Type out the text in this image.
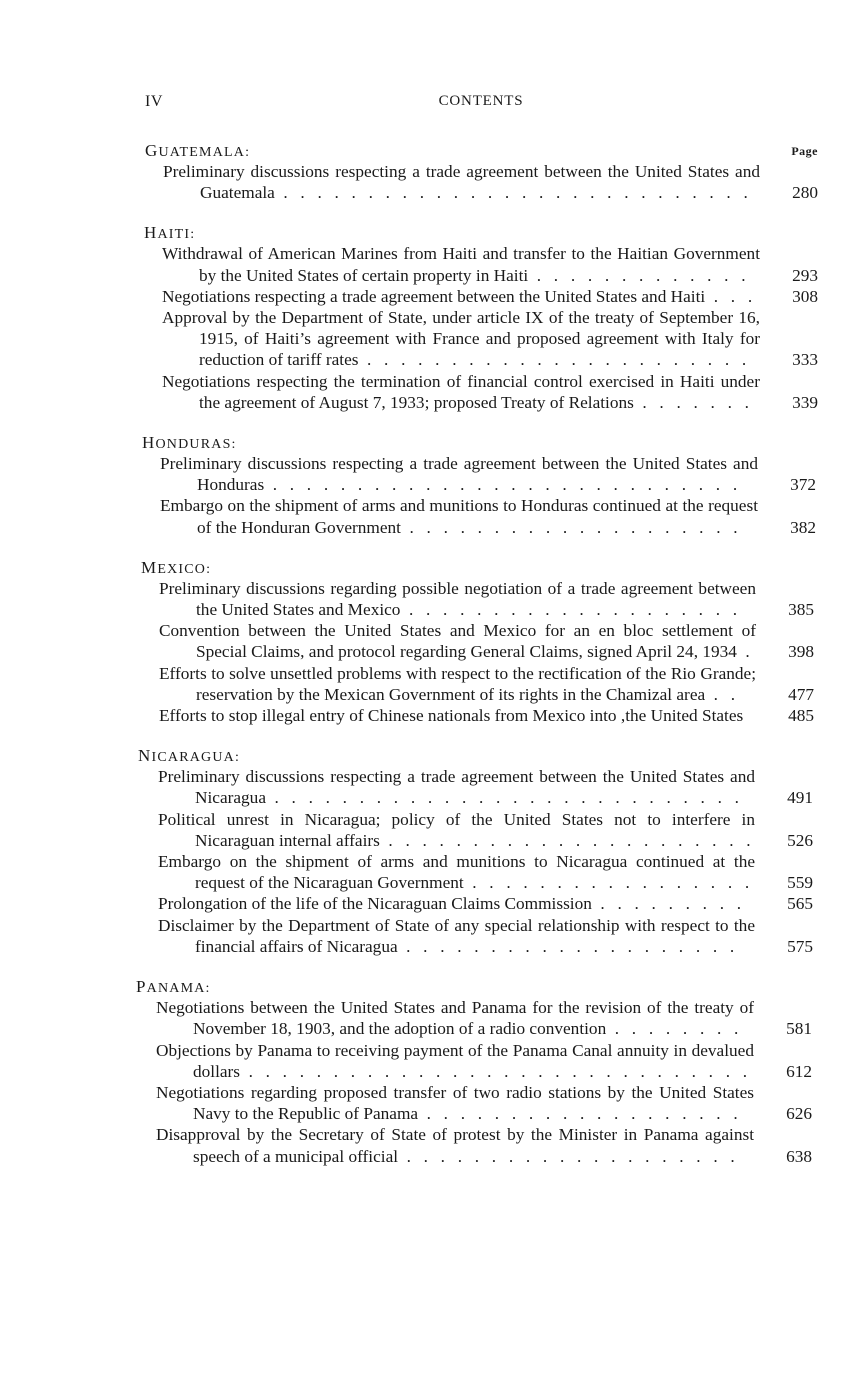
IV	CONTENTS
GUATEMALA:	Page
Preliminary discussions respecting a trade agreement between the United States and Guatemala . . . . . . . . . . . . . . . . . . . . . . . . . . . .	280
HAITI:
Withdrawal of American Marines from Haiti and transfer to the Haitian Government by the United States of certain property in Haiti . . . . . . . . . . . . .	293
Negotiations respecting a trade agreement between the United States and Haiti . . .	308
Approval by the Department of State, under article IX of the treaty of September 16, 1915, of Haiti’s agreement with France and proposed agreement with Italy for reduction of tariff rates . . . . . . . . . . . . . . . . . . . . . . .	333
Negotiations respecting the termination of financial control exercised in Haiti under the agreement of August 7, 1933; proposed Treaty of Relations . . . . . . .	339
HONDURAS:
Preliminary discussions respecting a trade agreement between the United States and Honduras . . . . . . . . . . . . . . . . . . . . . . . . . . . .	372
Embargo on the shipment of arms and munitions to Honduras continued at the request of the Honduran Government . . . . . . . . . . . . . . . . . . . .	382
MEXICO:
Preliminary discussions regarding possible negotiation of a trade agreement between the United States and Mexico . . . . . . . . . . . . . . . . . . . .	385
Convention between the United States and Mexico for an en bloc settlement of Special Claims, and protocol regarding General Claims, signed April 24, 1934 .	398
Efforts to solve unsettled problems with respect to the rectification of the Rio Grande; reservation by the Mexican Government of its rights in the Chamizal area . .	477
Efforts to stop illegal entry of Chinese nationals from Mexico into ,the United States	485
NICARAGUA:
Preliminary discussions respecting a trade agreement between the United States and Nicaragua . . . . . . . . . . . . . . . . . . . . . . . . . . . .	491
Political unrest in Nicaragua; policy of the United States not to interfere in Nicaraguan internal affairs . . . . . . . . . . . . . . . . . . . . . .	526
Embargo on the shipment of arms and munitions to Nicaragua continued at the request of the Nicaraguan Government . . . . . . . . . . . . . . . . .	559
Prolongation of the life of the Nicaraguan Claims Commission . . . . . . . . .	565
Disclaimer by the Department of State of any special relationship with respect to the financial affairs of Nicaragua . . . . . . . . . . . . . . . . . . . .	575
PANAMA:
Negotiations between the United States and Panama for the revision of the treaty of November 18, 1903, and the adoption of a radio convention . . . . . . . .	581
Objections by Panama to receiving payment of the Panama Canal annuity in devalued dollars . . . . . . . . . . . . . . . . . . . . . . . . . . . . . .	612
Negotiations regarding proposed transfer of two radio stations by the United States Navy to the Republic of Panama . . . . . . . . . . . . . . . . . . .	626
Disapproval by the Secretary of State of protest by the Minister in Panama against speech of a municipal official . . . . . . . . . . . . . . . . . . . .	638
